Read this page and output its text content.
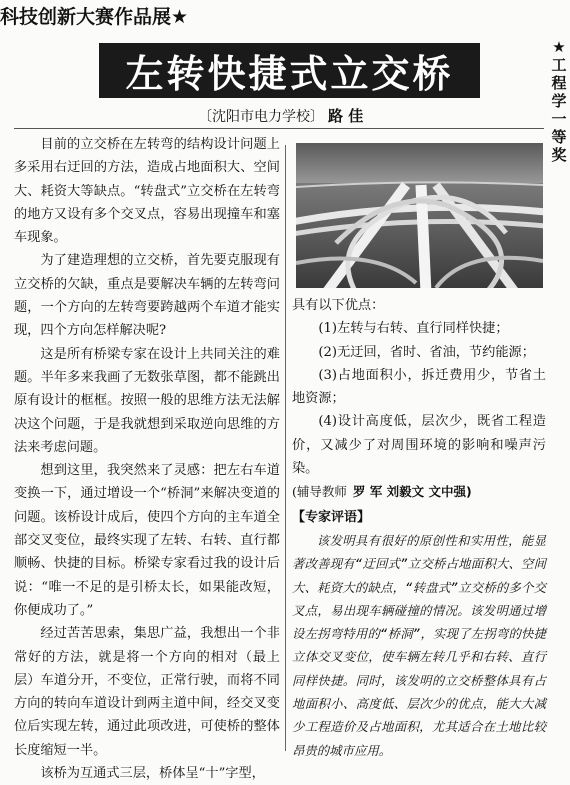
科技创新大赛作品展★
★工程学一等奖
左转快捷式立交桥
〔沈阳市电力学校〕 路 佳

目前的立交桥在左转弯的结构设计问题上多采用右迂回的方法，造成占地面积大、空间大、耗资大等缺点。“转盘式”立交桥在左转弯的地方又设有多个交叉点，容易出现撞车和塞车现象。

为了建造理想的立交桥，首先要克服现有立交桥的欠缺，重点是要解决车辆的左转弯问题，一个方向的左转弯要跨越两个车道才能实现，四个方向怎样解决呢?

这是所有桥梁专家在设计上共同关注的难题。半年多来我画了无数张草图，都不能跳出原有设计的框框。按照一般的思维方法无法解决这个问题，于是我就想到采取逆向思维的方法来考虑问题。

想到这里，我突然来了灵感：把左右车道变换一下，通过增设一个“桥洞”来解决变道的问题。该桥设计成后，使四个方向的主车道全部交叉变位，最终实现了左转、右转、直行都顺畅、快捷的目标。桥梁专家看过我的设计后说：“唯一不足的是引桥太长，如果能改短，你便成功了。”

经过苦苦思索，集思广益，我想出一个非常好的方法，就是将一个方向的相对（最上层）车道分开，不变位，正常行驶，而将不同方向的转向车道设计到两主道中间，经交叉变位后实现左转，通过此项改进，可使桥的整体长度缩短一半。

该桥为互通式三层，桥体呈“十”字型，

具有以下优点：

(1)左转与右转、直行同样快捷；

(2)无迂回，省时、省油，节约能源；

(3)占地面积小，拆迁费用少，节省土地资源；

(4)设计高度低，层次少，既省工程造价，又减少了对周围环境的影响和噪声污染。

(辅导教师 罗 军 刘毅文 文中强)

【专家评语】

该发明具有很好的原创性和实用性，能显著改善现有“迂回式”立交桥占地面积大、空间大、耗资大的缺点，“转盘式”立交桥的多个交叉点，易出现车辆碰撞的情况。该发明通过增设左拐弯特用的“桥洞”，实现了左拐弯的快捷立体交叉变位，使车辆左转几乎和右转、直行同样快捷。同时，该发明的立交桥整体具有占地面积小、高度低、层次少的优点，能大大减少工程造价及占地面积，尤其适合在土地比较昂贵的城市应用。
